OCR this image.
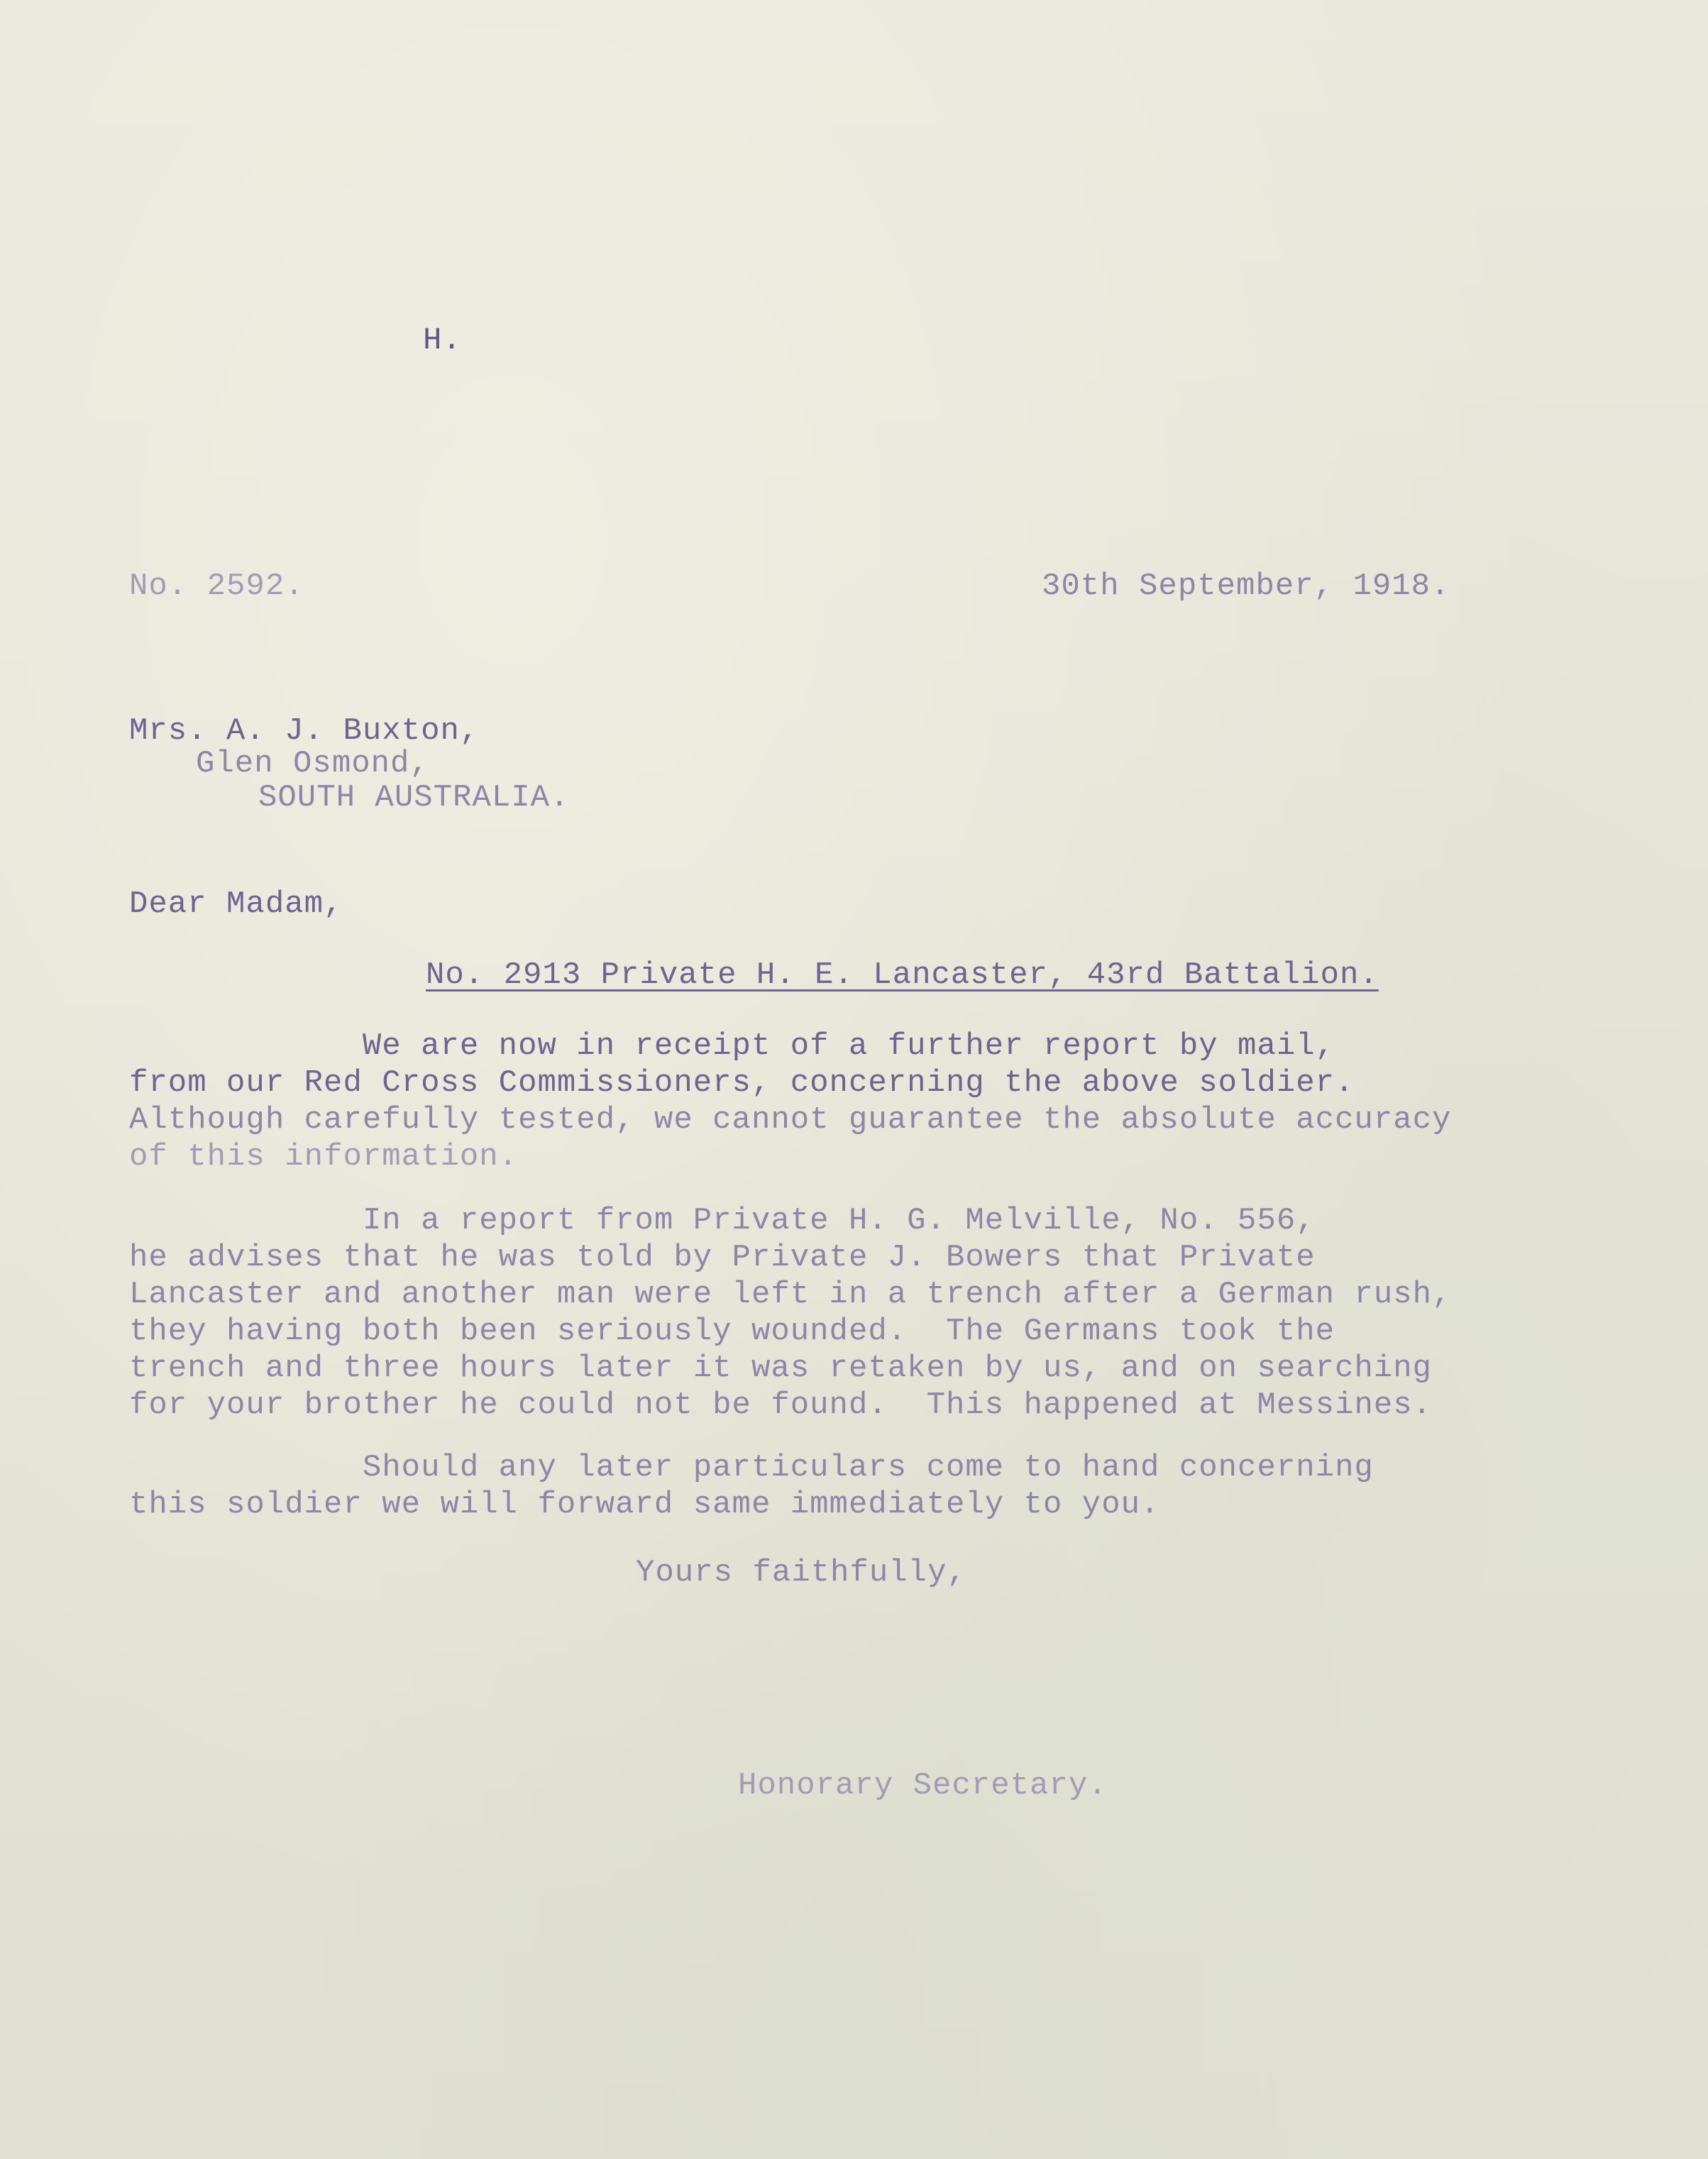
H.
No. 2592.	30th September, 1918.
Mrs. A. J. Buxton,
Glen Osmond,
SOUTH AUSTRALIA.
Dear Madam,
No. 2913 Private H. E. Lancaster, 43rd Battalion.
We are now in receipt of a further report by mail,
from our Red Cross Commissioners, concerning the above soldier.
Although carefully tested, we cannot guarantee the absolute accuracy
of this information.
In a report from Private H. G. Melville, No. 556,
he advises that he was told by Private J. Bowers that Private
Lancaster and another man were left in a trench after a German rush,
they having both been seriously wounded.  The Germans took the
trench and three hours later it was retaken by us, and on searching
for your brother he could not be found.  This happened at Messines.
Should any later particulars come to hand concerning
this soldier we will forward same immediately to you.
Yours faithfully,
Honorary Secretary.
